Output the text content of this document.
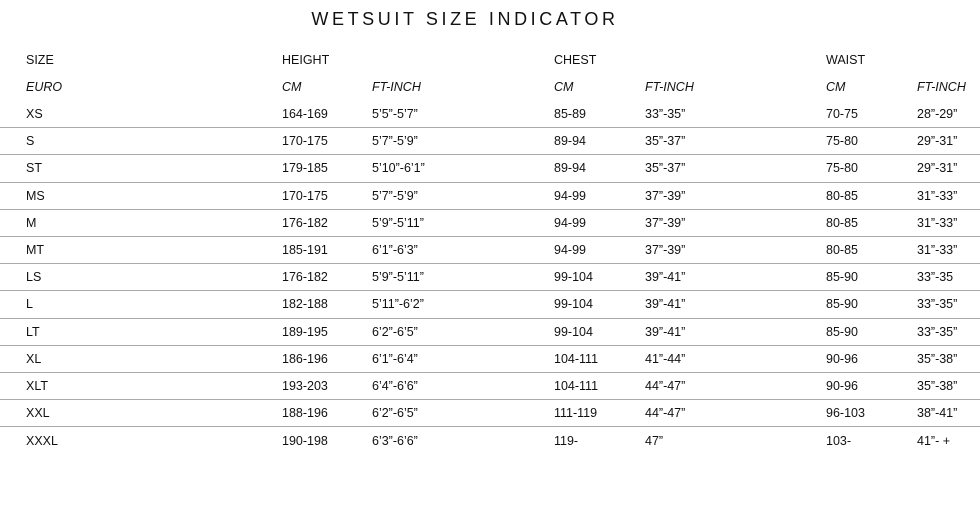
WETSUIT SIZE INDICATOR
SIZE	HEIGHT	CHEST	WAIST
EURO	CM	FT-INCH	CM	FT-INCH	CM	FT-INCH
XS	164-169	5’5”-5’7”	85-89	33”-35”	70-75	28”-29”
S	170-175	5’7”-5’9”	89-94	35”-37”	75-80	29”-31”
ST	179-185	5’10”-6’1”	89-94	35”-37”	75-80	29”-31”
MS	170-175	5’7”-5’9”	94-99	37”-39”	80-85	31”-33”
M	176-182	5’9”-5’11”	94-99	37”-39”	80-85	31”-33”
MT	185-191	6’1”-6’3”	94-99	37”-39”	80-85	31”-33”
LS	176-182	5’9”-5’11”	99-104	39”-41”	85-90	33”-35
L	182-188	5’11”-6’2”	99-104	39”-41”	85-90	33”-35”
LT	189-195	6’2”-6’5”	99-104	39”-41”	85-90	33”-35”
XL	186-196	6’1”-6’4”	104-111	41”-44”	90-96	35”-38”
XLT	193-203	6’4”-6’6”	104-111	44”-47”	90-96	35”-38”
XXL	188-196	6’2”-6’5”	111-119	44”-47”	96-103	38”-41”
XXXL	190-198	6’3”-6’6”	119-	47”	103-	41”- +
